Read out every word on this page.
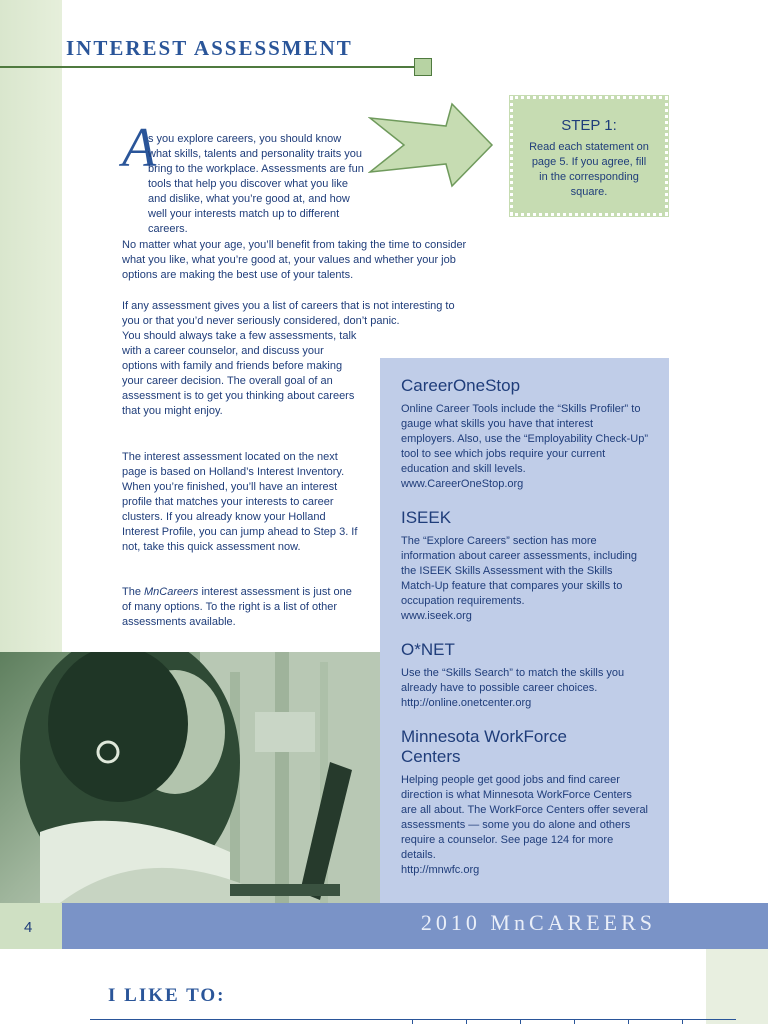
INTEREST ASSESSMENT
STEP 1:
Read each statement on page 5. If you agree, fill in the corresponding square.
A
s you explore careers, you should know what skills, talents and personality traits you bring to the workplace. Assessments are fun tools that help you discover what you like and dislike, what you’re good at, and how well your interests match up to different careers.
No matter what your age, you’ll benefit from taking the time to consider what you like, what you’re good at, your values and whether your job options are making the best use of your talents.
If any assessment gives you a list of careers that is not interesting to you or that you’d never seriously considered, don’t panic.
You should always take a few assessments, talk with a career counselor, and discuss your options with family and friends before making your career decision. The overall goal of an assessment is to get you thinking about careers that you might enjoy.
The interest assessment located on the next page is based on Holland’s Interest Inventory. When you’re finished, you’ll have an interest profile that matches your interests to career clusters. If you already know your Holland Interest Profile, you can jump ahead to Step 3. If not, take this quick assessment now.
The MnCareers interest assessment is just one of many options. To the right is a list of other assessments available.
CareerOneStop
Online Career Tools include the “Skills Profiler” to gauge what skills you have that interest employers. Also, use the “Employability Check-Up” tool to see which jobs require your current education and skill levels.
www.CareerOneStop.org
ISEEK
The “Explore Careers” section has more information about career assessments, including the ISEEK Skills Assessment with the Skills Match-Up feature that compares your skills to occupation requirements.
www.iseek.org
O*NET
Use the “Skills Search” to match the skills you already have to possible career choices.
http://online.onetcenter.org
Minnesota WorkForce Centers
Helping people get good jobs and find career direction is what Minnesota WorkForce Centers are all about. The WorkForce Centers offer several assessments — some you do alone and others require a counselor. See page 124 for more details.
http://mnwfc.org
4	2010 MnCAREERS
I LIKE TO:
